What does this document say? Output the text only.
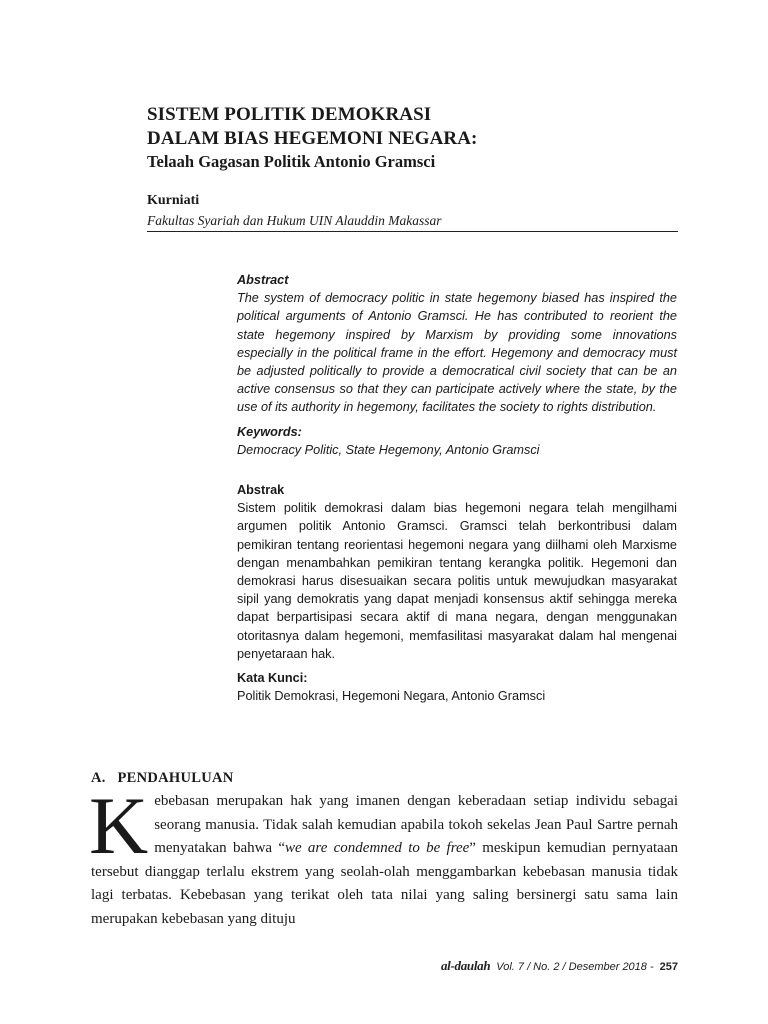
SISTEM POLITIK DEMOKRASI
DALAM BIAS HEGEMONI NEGARA:
Telaah Gagasan Politik Antonio Gramsci
Kurniati
Fakultas Syariah dan Hukum UIN Alauddin Makassar
Abstract
The system of democracy politic in state hegemony biased has inspired the political arguments of Antonio Gramsci. He has contributed to reorient the state hegemony inspired by Marxism by providing some innovations especially in the political frame in the effort. Hegemony and democracy must be adjusted politically to provide a democratical civil society that can be an active consensus so that they can participate actively where the state, by the use of its authority in hegemony, facilitates the society to rights distribution.
Keywords:
Democracy Politic, State Hegemony, Antonio Gramsci
Abstrak
Sistem politik demokrasi dalam bias hegemoni negara telah mengilhami argumen politik Antonio Gramsci. Gramsci telah berkontribusi dalam pemikiran tentang reorientasi hegemoni negara yang diilhami oleh Marxisme dengan menambahkan pemikiran tentang kerangka politik. Hegemoni dan demokrasi harus disesuaikan secara politis untuk mewujudkan masyarakat sipil yang demokratis yang dapat menjadi konsensus aktif sehingga mereka dapat berpartisipasi secara aktif di mana negara, dengan menggunakan otoritasnya dalam hegemoni, memfasilitasi masyarakat dalam hal mengenai penyetaraan hak.
Kata Kunci:
Politik Demokrasi, Hegemoni Negara, Antonio Gramsci
A.   PENDAHULUAN
Kebebasan merupakan hak yang imanen dengan keberadaan setiap individu sebagai seorang manusia. Tidak salah kemudian apabila tokoh sekelas Jean Paul Sartre pernah menyatakan bahwa “we are condemned to be free” meskipun kemudian pernyataan tersebut dianggap terlalu ekstrem yang seolah-olah menggambarkan kebebasan manusia tidak lagi terbatas. Kebebasan yang terikat oleh tata nilai yang saling bersinergi satu sama lain merupakan kebebasan yang dituju
al-daulah Vol. 7 / No. 2 / Desember 2018 - 257
